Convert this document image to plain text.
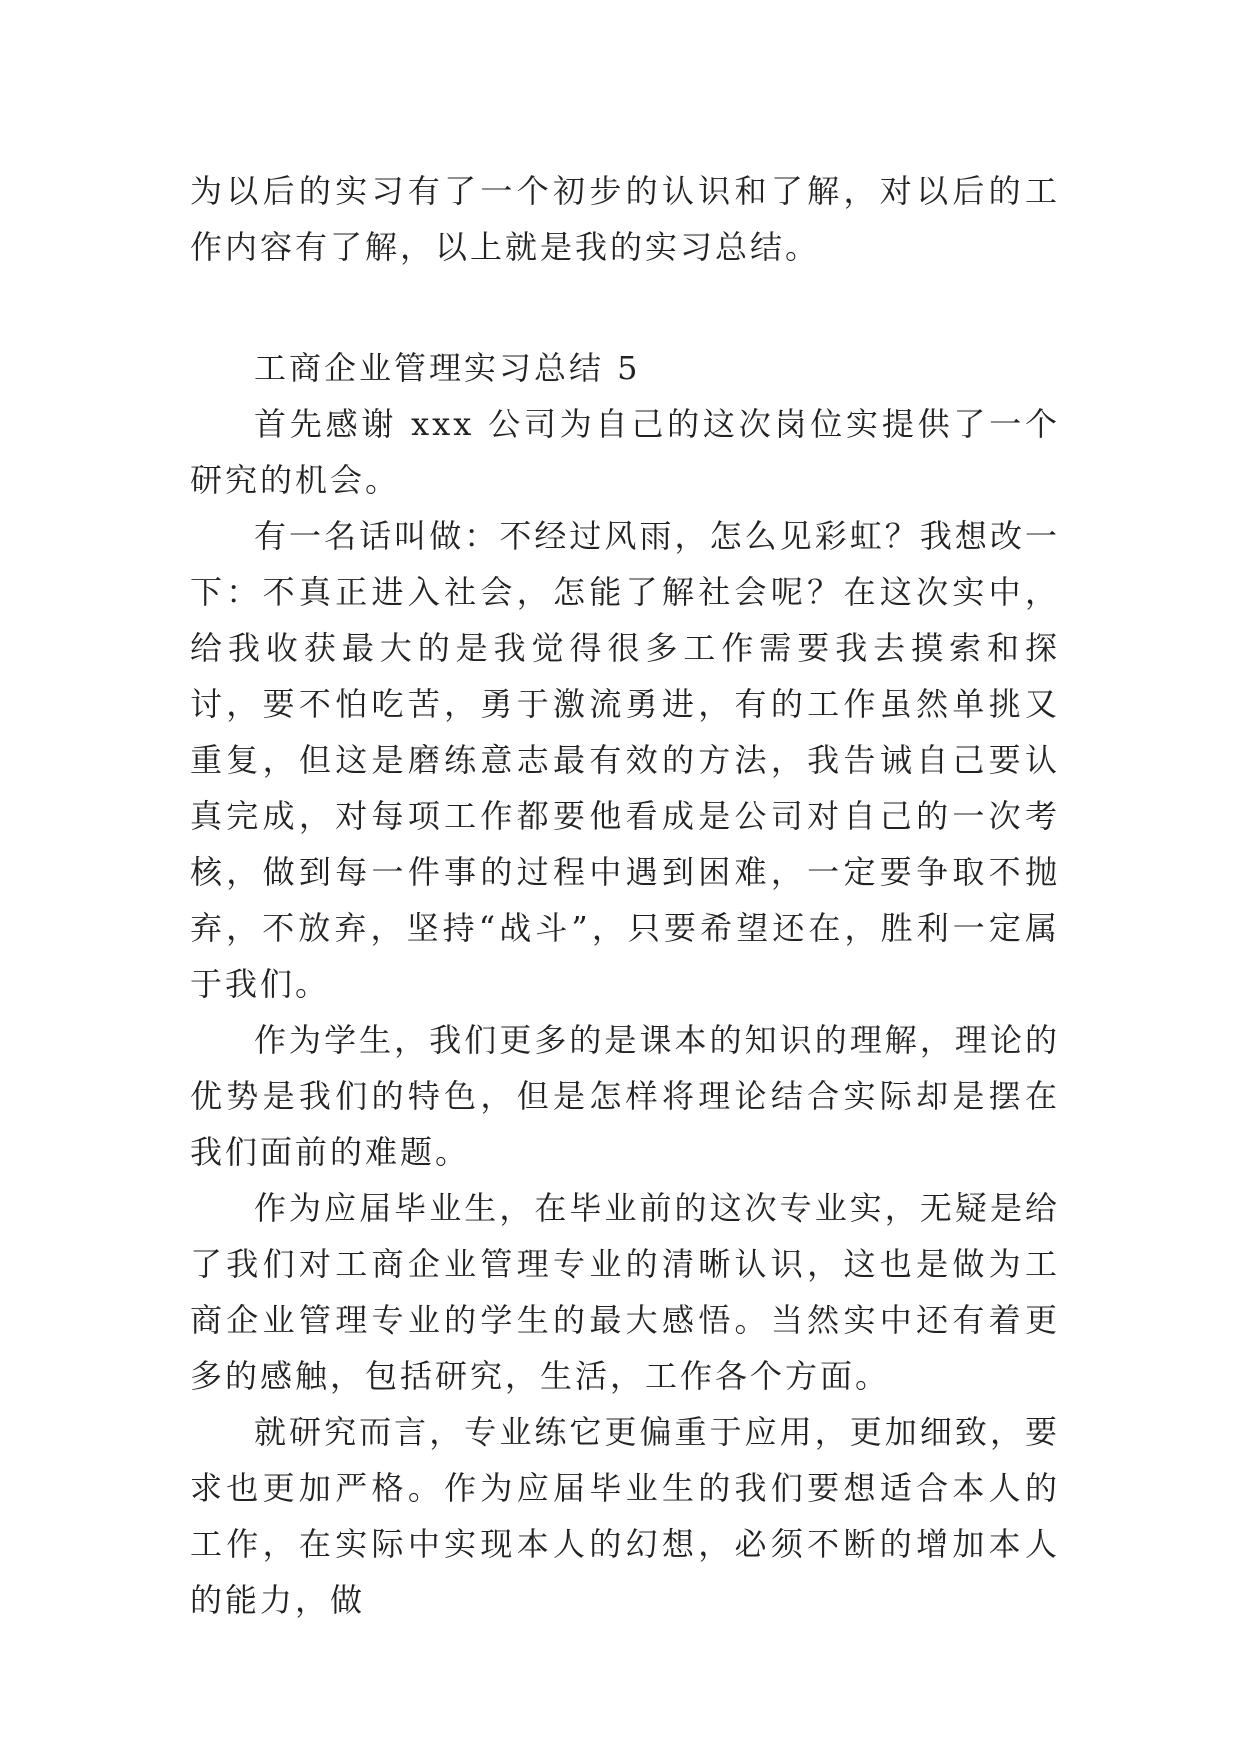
为以后的实习有了一个初步的认识和了解，对以后的工作内容有了解，以上就是我的实习总结。

工商企业管理实习总结 5

首先感谢 xxx 公司为自己的这次岗位实提供了一个研究的机会。

有一名话叫做：不经过风雨，怎么见彩虹？我想改一下：不真正进入社会，怎能了解社会呢？在这次实中，给我收获最大的是我觉得很多工作需要我去摸索和探讨，要不怕吃苦，勇于激流勇进，有的工作虽然单挑又重复，但这是磨练意志最有效的方法，我告诫自己要认真完成，对每项工作都要他看成是公司对自己的一次考核，做到每一件事的过程中遇到困难，一定要争取不抛弃，不放弃，坚持“战斗”，只要希望还在，胜利一定属于我们。

作为学生，我们更多的是课本的知识的理解，理论的优势是我们的特色，但是怎样将理论结合实际却是摆在我们面前的难题。

作为应届毕业生，在毕业前的这次专业实，无疑是给了我们对工商企业管理专业的清晰认识，这也是做为工商企业管理专业的学生的最大感悟。当然实中还有着更多的感触，包括研究，生活，工作各个方面。

就研究而言，专业练它更偏重于应用，更加细致，要求也更加严格。作为应届毕业生的我们要想适合本人的工作，在实际中实现本人的幻想，必须不断的增加本人的能力，做
